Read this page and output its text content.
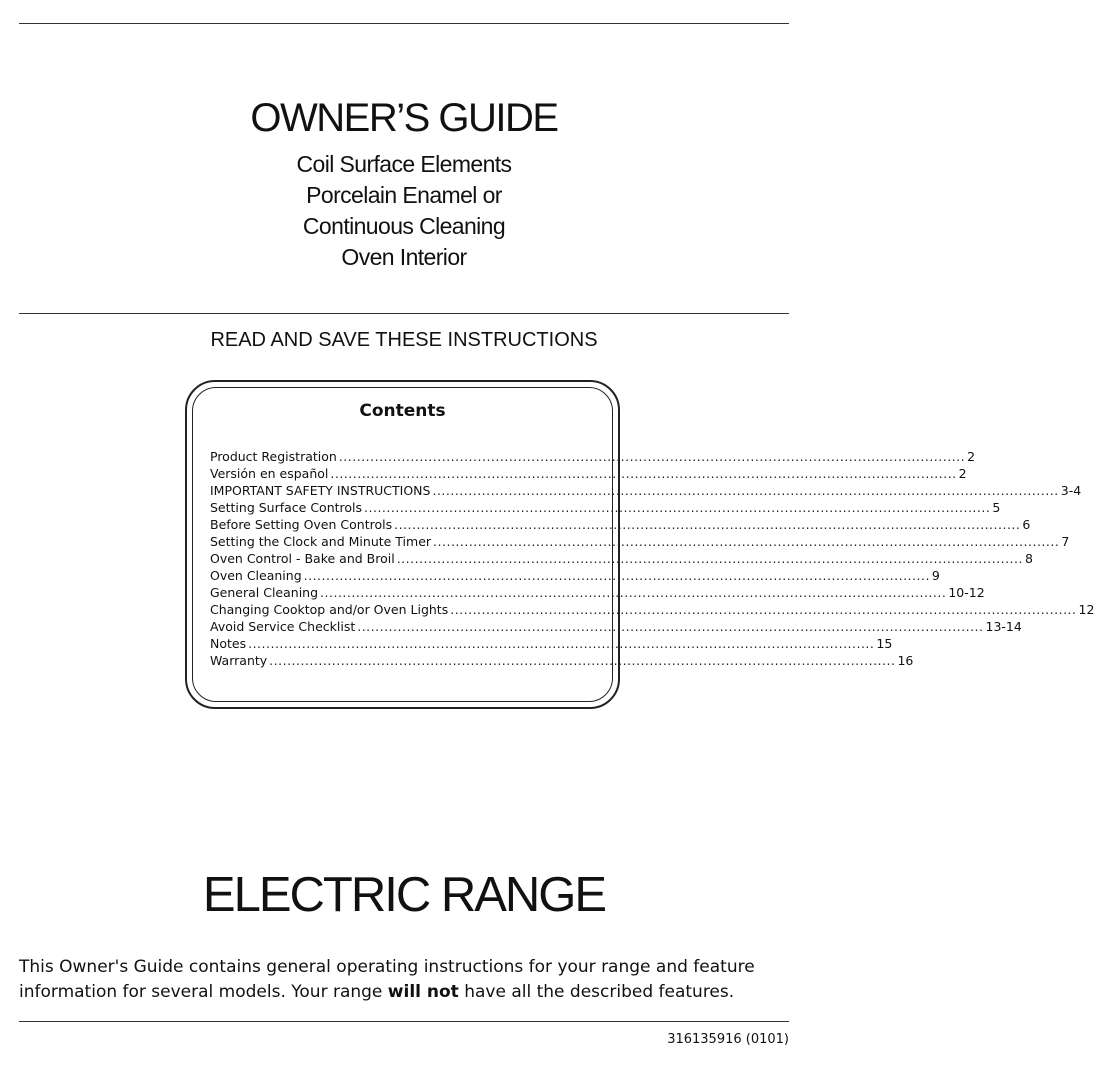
OWNER’S GUIDE
Coil Surface Elements
Porcelain Enamel or
Continuous Cleaning
Oven Interior
READ AND SAVE THESE INSTRUCTIONS
Contents
Product Registration ............................................................................................................................................ 2
Versión en español ............................................................................................................................................ 2
IMPORTANT SAFETY INSTRUCTIONS ............................................................................................................................................ 3-4
Setting Surface Controls ............................................................................................................................................ 5
Before Setting Oven Controls ............................................................................................................................................ 6
Setting the Clock and Minute Timer ............................................................................................................................................ 7
Oven Control - Bake and Broil ............................................................................................................................................ 8
Oven Cleaning ............................................................................................................................................ 9
General Cleaning ............................................................................................................................................ 10-12
Changing Cooktop and/or Oven Lights ............................................................................................................................................ 12
Avoid Service Checklist ............................................................................................................................................ 13-14
Notes ............................................................................................................................................ 15
Warranty ............................................................................................................................................ 16
ELECTRIC RANGE

This Owner's Guide contains general operating instructions for your range and feature information for several models. Your range will not have all the described features.

316135916 (0101)
